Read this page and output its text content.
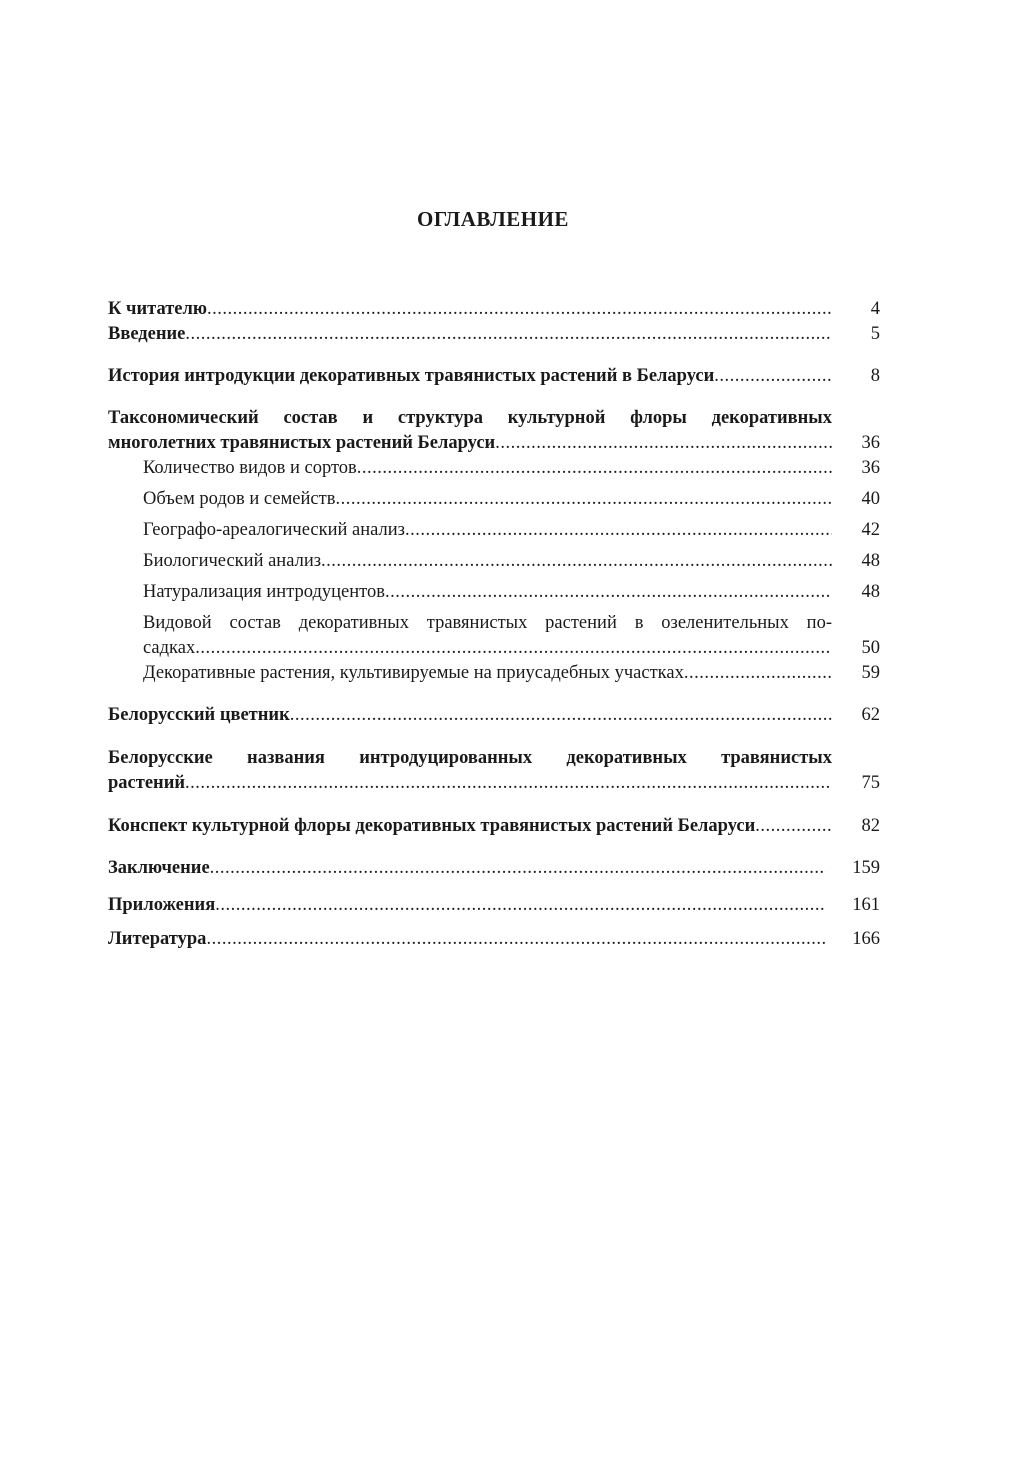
ОГЛАВЛЕНИЕ
К читателю .....	4
Введение .....	5
История интродукции декоративных травянистых растений в Беларуси .....	8
Таксономический состав и структура культурной флоры декоративных
многолетних травянистых растений Беларуси .....	36
Количество видов и сортов .....	36
Объем родов и семейств .....	40
Географо-ареалогический анализ .....	42
Биологический анализ .....	48
Натурализация интродуцентов .....	48
Видовой состав декоративных травянистых растений в озеленительных по-
садках .....	50
Декоративные растения, культивируемые на приусадебных участках .....	59
Белорусский цветник .....	62
Белорусские названия интродуцированных декоративных травянистых
растений .....	75
Конспект культурной флоры декоративных травянистых растений Беларуси .....	82
Заключение .....	159
Приложения .....	161
Литература .....	166
